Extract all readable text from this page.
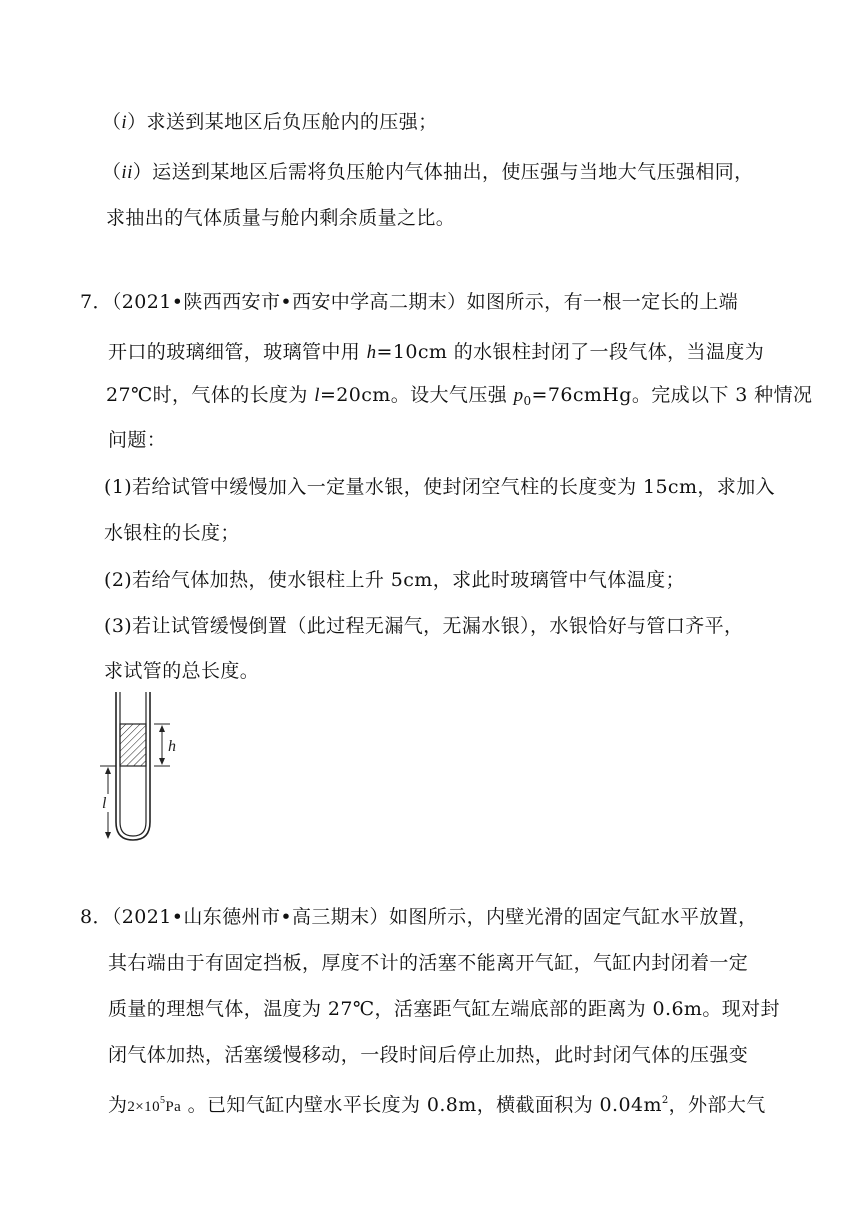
（i）求送到某地区后负压舱内的压强；
（ii）运送到某地区后需将负压舱内气体抽出，使压强与当地大气压强相同，
求抽出的气体质量与舱内剩余质量之比。
7．（2021•陕西西安市•西安中学高二期末）如图所示，有一根一定长的上端
开口的玻璃细管，玻璃管中用 h=10cm 的水银柱封闭了一段气体，当温度为
27℃时，气体的长度为 l=20cm。设大气压强 $p_0=76cmHg$。完成以下 3 种情况
问题：
(1)若给试管中缓慢加入一定量水银，使封闭空气柱的长度变为 15cm，求加入
水银柱的长度；
(2)若给气体加热，使水银柱上升 5cm，求此时玻璃管中气体温度；
(3)若让试管缓慢倒置（此过程无漏气，无漏水银），水银恰好与管口齐平，
求试管的总长度。
h
l
8．（2021•山东德州市•高三期末）如图所示，内壁光滑的固定气缸水平放置，
其右端由于有固定挡板，厚度不计的活塞不能离开气缸，气缸内封闭着一定
质量的理想气体，温度为 27℃，活塞距气缸左端底部的距离为 0.6m。现对封
闭气体加热，活塞缓慢移动，一段时间后停止加热，此时封闭气体的压强变
为$2\times 10^5Pa$ 。已知气缸内壁水平长度为 0.8m，横截面积为 $0.04m^2$，外部大气
